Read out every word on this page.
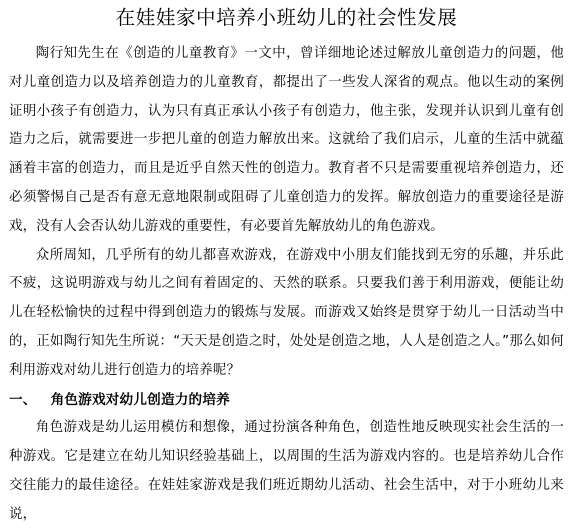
在娃娃家中培养小班幼儿的社会性发展

陶行知先生在《创造的儿童教育》一文中，曾详细地论述过解放儿童创造力的问题，他对儿童创造力以及培养创造力的儿童教育，都提出了一些发人深省的观点。他以生动的案例证明小孩子有创造力，认为只有真正承认小孩子有创造力，他主张，发现并认识到儿童有创造力之后，就需要进一步把儿童的创造力解放出来。这就给了我们启示，儿童的生活中就蕴涵着丰富的创造力，而且是近乎自然天性的创造力。教育者不只是需要重视培养创造力，还必须警惕自己是否有意无意地限制或阻碍了儿童创造力的发挥。解放创造力的重要途径是游戏，没有人会否认幼儿游戏的重要性，有必要首先解放幼儿的角色游戏。

众所周知，几乎所有的幼儿都喜欢游戏，在游戏中小朋友们能找到无穷的乐趣，并乐此不疲，这说明游戏与幼儿之间有着固定的、天然的联系。只要我们善于利用游戏，便能让幼儿在轻松愉快的过程中得到创造力的锻炼与发展。而游戏又始终是贯穿于幼儿一日活动当中的，正如陶行知先生所说：“天天是创造之时，处处是创造之地，人人是创造之人。”那么如何利用游戏对幼儿进行创造力的培养呢？

一、 角色游戏对幼儿创造力的培养

角色游戏是幼儿运用模仿和想像，通过扮演各种角色，创造性地反映现实社会生活的一种游戏。它是建立在幼儿知识经验基础上，以周围的生活为游戏内容的。也是培养幼儿合作交往能力的最佳途径。在娃娃家游戏是我们班近期幼儿活动、社会生活中，对于小班幼儿来说，
